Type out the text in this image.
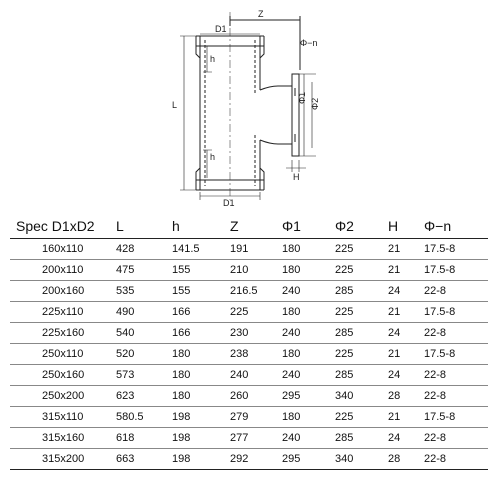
Z
D1
h
L
Φ−n
Φ1 Φ2
h
H
D1
Spec D1xD2	L	h	Z	Φ1	Φ2	H	Φ−n
160x110	428	141.5	191	180	225	21	17.5-8
200x110	475	155	210	180	225	21	17.5-8
200x160	535	155	216.5	240	285	24	22-8
225x110	490	166	225	180	225	21	17.5-8
225x160	540	166	230	240	285	24	22-8
250x110	520	180	238	180	225	21	17.5-8
250x160	573	180	240	240	285	24	22-8
250x200	623	180	260	295	340	28	22-8
315x110	580.5	198	279	180	225	21	17.5-8
315x160	618	198	277	240	285	24	22-8
315x200	663	198	292	295	340	28	22-8
